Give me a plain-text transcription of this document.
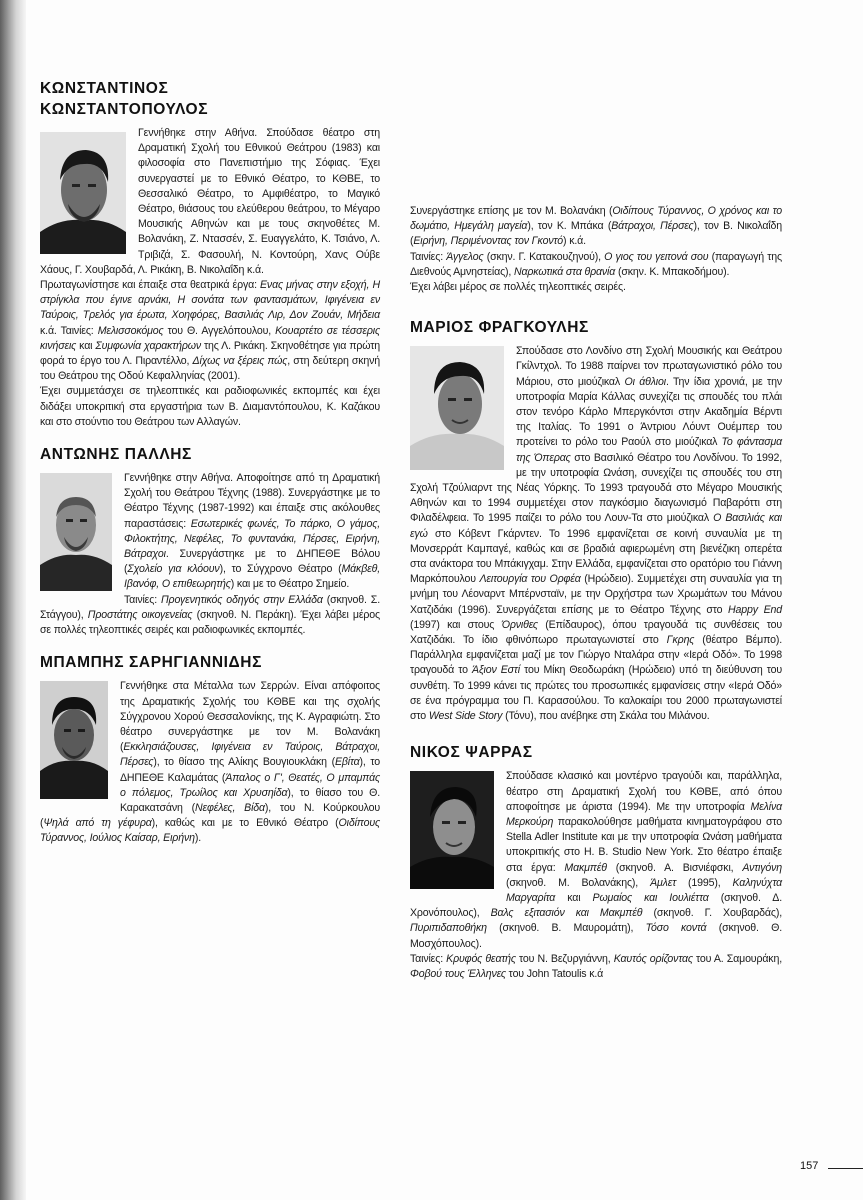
ΚΩΝΣΤΑΝΤΙΝΟΣ
ΚΩΝΣΤΑΝΤΟΠΟΥΛΟΣ

Γεννήθηκε στην Αθήνα. Σπούδασε θέατρο στη Δραματική Σχολή του Εθνικού Θεάτρου (1983) και φιλοσοφία στο Πανεπιστήμιο της Σόφιας. Έχει συνεργαστεί με το Εθνικό Θέατρο, το ΚΘΒΕ, το Θεσσαλικό Θέατρο, το Αμφιθέατρο, το Μαγικό Θέατρο, θιάσους του ελεύθερου θεάτρου, το Μέγαρο Μουσικής Αθηνών και με τους σκηνοθέτες Μ. Βολανάκη, Ζ. Ντασσέν, Σ. Ευαγγελάτο, Κ. Τσιάνο, Λ. Τριβιζά, Σ. Φασουλή, Ν. Κοντούρη, Χανς Ούβε Χάους, Γ. Χουβαρδά, Λ. Ρικάκη, Β. Νικολαΐδη κ.ά.

Πρωταγωνίστησε και έπαιξε στα θεατρικά έργα: Ενας μήνας στην εξοχή, Η στρίγκλα που έγινε αρνάκι, Η σονάτα των φαντασμάτων, Ιφιγένεια εν Ταύροις, Τρελός για έρωτα, Χοηφόρες, Βασιλιάς Λιρ, Δον Ζουάν, Μήδεια κ.ά. Ταινίες: Μελισσοκόμος του Θ. Αγγελόπουλου, Κουαρτέτο σε τέσσερις κινήσεις και Συμφωνία χαρακτήρων της Λ. Ρικάκη. Σκηνοθέτησε για πρώτη φορά το έργο του Λ. Πιραντέλλο, Δίχως να ξέρεις πώς, στη δεύτερη σκηνή του Θεάτρου της Οδού Κεφαλληνίας (2001).

Έχει συμμετάσχει σε τηλεοπτικές και ραδιοφωνικές εκπομπές και έχει διδάξει υποκριτική στα εργαστήρια των Β. Διαμαντόπουλου, Κ. Καζάκου και στο στούντιο του Θεάτρου των Αλλαγών.

ΑΝΤΩΝΗΣ ΠΑΛΛΗΣ

Γεννήθηκε στην Αθήνα. Αποφοίτησε από τη Δραματική Σχολή του Θεάτρου Τέχνης (1988). Συνεργάστηκε με το Θέατρο Τέχνης (1987-1992) και έπαιξε στις ακόλουθες παραστάσεις: Εσωτερικές φωνές, Το πάρκο, Ο γάμος, Φιλοκτήτης, Νεφέλες, Το φυντανάκι, Πέρσες, Ειρήνη, Βάτραχοι. Συνεργάστηκε με το ΔΗΠΕΘΕ Βόλου (Σχολείο για κλόουν), το Σύγχρονο Θέατρο (Μάκβεθ, Ιβανόφ, Ο επιθεωρητής) και με το Θέατρο Σημείο.

Ταινίες: Προγενητικός οδηγός στην Ελλάδα (σκηνοθ. Σ. Στάγγου), Προστάτης οικογενείας (σκηνοθ. Ν. Περάκη). Έχει λάβει μέρος σε πολλές τηλεοπτικές σειρές και ραδιοφωνικές εκπομπές.

ΜΠΑΜΠΗΣ ΣΑΡΗΓΙΑΝΝΙΔΗΣ

Γεννήθηκε στα Μέταλλα των Σερρών. Είναι απόφοιτος της Δραματικής Σχολής του ΚΘΒΕ και της σχολής Σύγχρονου Χορού Θεσσαλονίκης, της Κ. Αγραφιώτη. Στο θέατρο συνεργάστηκε με τον Μ. Βολανάκη (Εκκλησιάζουσες, Ιφιγένεια εν Ταύροις, Βάτραχοι, Πέρσες), το θίασο της Αλίκης Βουγιουκλάκη (Εβίτα), το ΔΗΠΕΘΕ Καλαμάτας (Άπαλος ο Γ', Θεατές, Ο μπαμπάς ο πόλεμος, Τρωίλος και Χρυσηίδα), το θίασο του Θ. Καρακατσάνη (Νεφέλες, Βίδα), του Ν. Κούρκουλου (Ψηλά από τη γέφυρα), καθώς και με το Εθνικό Θέατρο (Οιδίπους Τύραννος, Ιούλιος Καίσαρ, Ειρήνη).

Συνεργάστηκε επίσης με τον Μ. Βολανάκη (Οιδίπους Τύραννος, Ο χρόνος και το δωμάτιο, Ημεγάλη μαγεία), τον Κ. Μπάκα (Βάτραχοι, Πέρσες), τον Β. Νικολαΐδη (Ειρήνη, Περιμένοντας τον Γκοντό) κ.ά.

Ταινίες: Άγγελος (σκην. Γ. Κατακουζηνού), Ο γιος του γειτονά σου (παραγωγή της Διεθνούς Αμνηστείας), Ναρκωτικά στα θρανία (σκην. Κ. Μπακοδήμου).

Έχει λάβει μέρος σε πολλές τηλεοπτικές σειρές.

ΜΑΡΙΟΣ ΦΡΑΓΚΟΥΛΗΣ

Σπούδασε στο Λονδίνο στη Σχολή Μουσικής και Θεάτρου Γκίλντχολ. Το 1988 παίρνει τον πρωταγωνιστικό ρόλο του Μάριου, στο μιούζικαλ Οι άθλιοι. Την ίδια χρονιά, με την υποτροφία Μαρία Κάλλας συνεχίζει τις σπουδές του πλάι στον τενόρο Κάρλο Μπεργκόντσι στην Ακαδημία Βέρντι της Ιταλίας. Το 1991 ο Άντριου Λόυντ Ουέμπερ του προτείνει το ρόλο του Ραούλ στο μιούζικαλ Το φάντασμα της Όπερας στο Βασιλικό Θέατρο του Λονδίνου. Το 1992, με την υποτροφία Ωνάση, συνεχίζει τις σπουδές του στη Σχολή Τζούλιαρντ της Νέας Υόρκης. Το 1993 τραγουδά στο Μέγαρο Μουσικής Αθηνών και το 1994 συμμετέχει στον παγκόσμιο διαγωνισμό Παβαρόττι στη Φιλαδέλφεια. Το 1995 παίζει το ρόλο του Λουν-Τα στο μιούζικαλ Ο Βασιλιάς και εγώ στο Κόβεντ Γκάρντεν. Το 1996 εμφανίζεται σε κοινή συναυλία με τη Μονσερράτ Καμπαγέ, καθώς και σε βραδιά αφιερωμένη στη βιενέζικη οπερέτα στα ανάκτορα του Μπάκιγχαμ. Στην Ελλάδα, εμφανίζεται στο ορατόριο του Γιάννη Μαρκόπουλου Λειτουργία του Ορφέα (Ηρώδειο). Συμμετέχει στη συναυλία για τη μνήμη του Λέοναρντ Μπέρνσταϊν, με την Ορχήστρα των Χρωμάτων του Μάνου Χατζιδάκι (1996). Συνεργάζεται επίσης με το Θέατρο Τέχνης στο Happy End (1997) και στους Όρνιθες (Επίδαυρος), όπου τραγουδά τις συνθέσεις του Χατζιδάκι. Το ίδιο φθινόπωρο πρωταγωνιστεί στο Γκρης (θέατρο Βέμπο). Παράλληλα εμφανίζεται μαζί με τον Γιώργο Νταλάρα στην «Ιερά Οδό». Το 1998 τραγουδά το Άξιον Εστί του Μίκη Θεοδωράκη (Ηρώδειο) υπό τη διεύθυνση του συνθέτη. Το 1999 κάνει τις πρώτες του προσωπικές εμφανίσεις στην «Ιερά Οδό» σε ένα πρόγραμμα του Π. Καρασούλου. Το καλοκαίρι του 2000 πρωταγωνιστεί στο West Side Story (Τόνυ), που ανέβηκε στη Σκάλα του Μιλάνου.

ΝΙΚΟΣ ΨΑΡΡΑΣ

Σπούδασε κλασικό και μοντέρνο τραγούδι και, παράλληλα, θέατρο στη Δραματική Σχολή του ΚΘΒΕ, από όπου αποφοίτησε με άριστα (1994). Με την υποτροφία Μελίνα Μερκούρη παρακολούθησε μαθήματα κινηματογράφου στο Stella Adler Institute και με την υποτροφία Ωνάση μαθήματα υποκριτικής στο H. B. Studio New York. Στο θέατρο έπαιξε στα έργα: Μακμπέθ (σκηνοθ. Α. Βισνιέφσκι, Αντιγόνη (σκηνοθ. Μ. Βολανάκης), Άμλετ (1995), Καληνύχτα Μαργαρίτα και Ρωμαίος και Ιουλιέττα (σκηνοθ. Δ. Χρονόπουλος), Βαλς εξιτασιόν και Μακμπέθ (σκηνοθ. Γ. Χουβαρδάς), Πυριπιδαποθήκη (σκηνοθ. Β. Μαυρομάτη), Τόσο κοντά (σκηνοθ. Θ. Μοσχόπουλος).

Ταινίες: Κρυφός θεατής του Ν. Βεζυργιάννη, Καυτός ορίζοντας του Α. Σαμουράκη, Φοβού τους Έλληνες του John Tatoulis κ.ά

157
